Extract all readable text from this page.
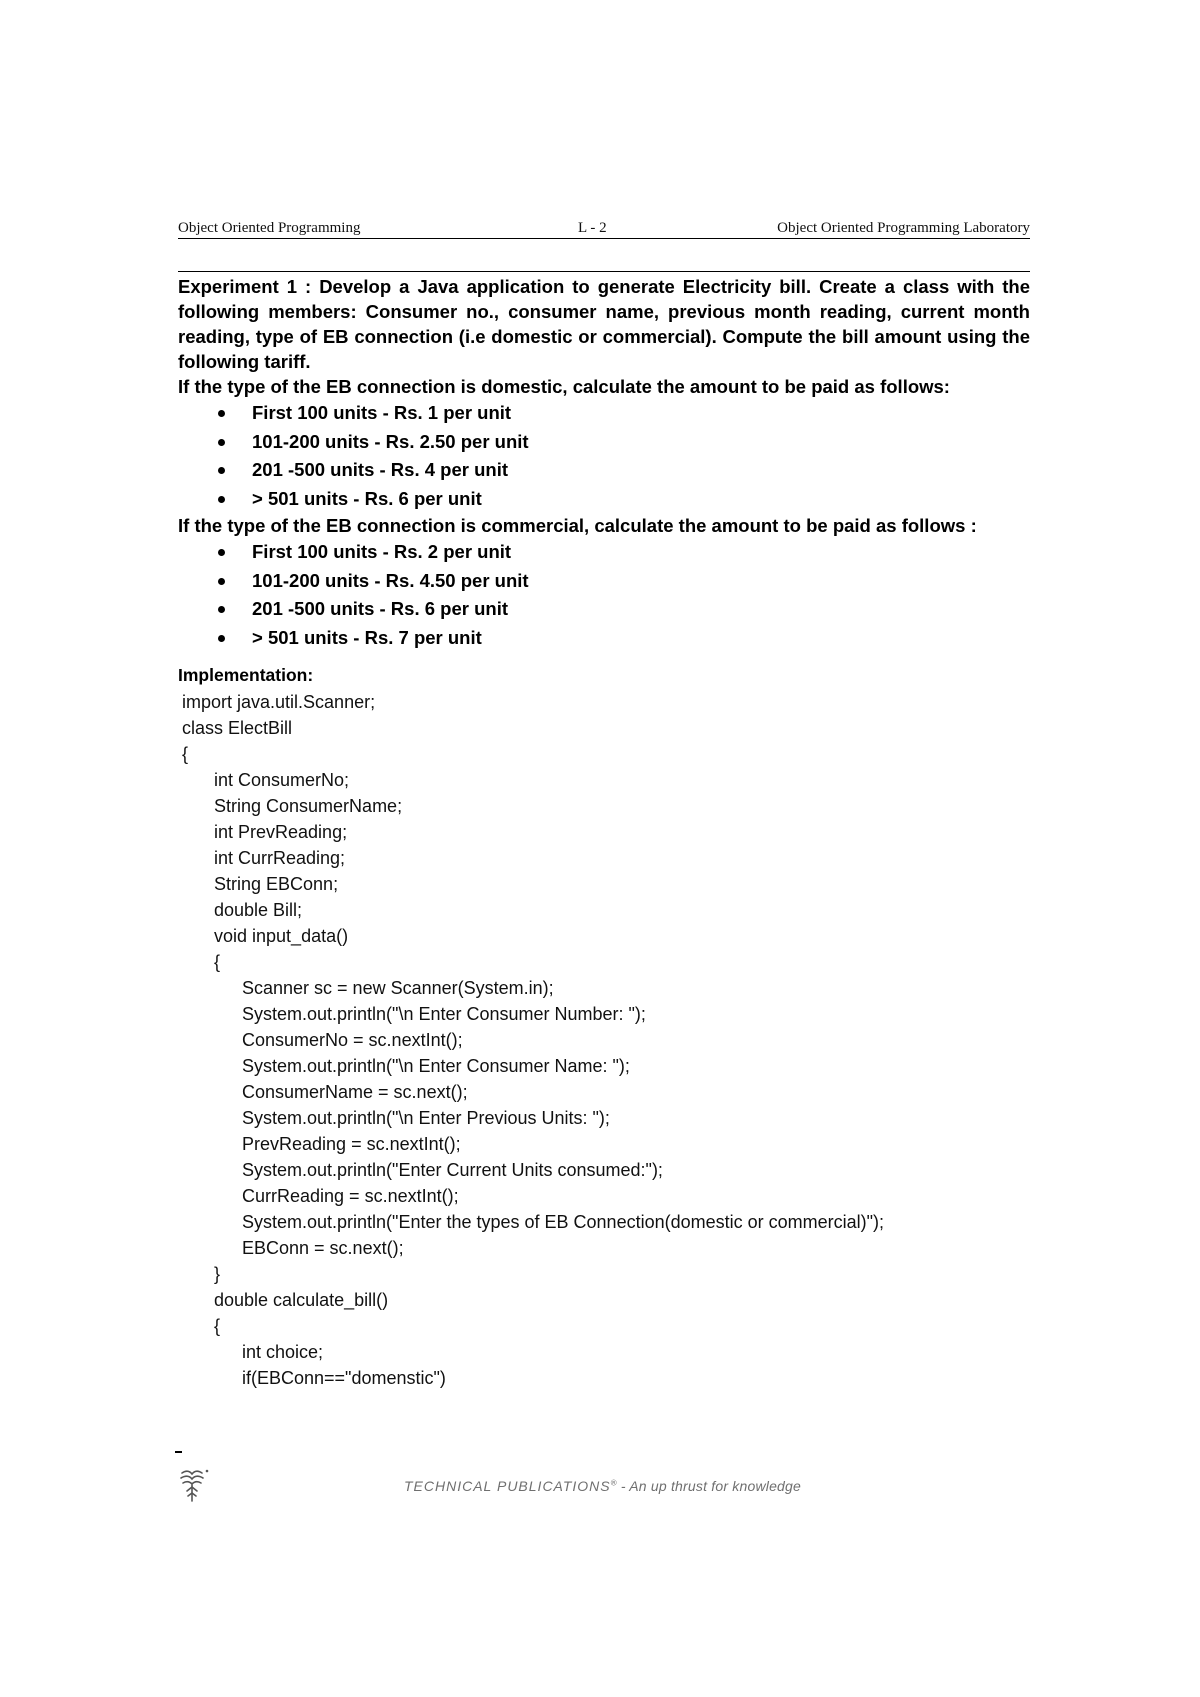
Object Oriented Programming	L - 2	Object Oriented Programming Laboratory

Experiment 1 : Develop a Java application to generate Electricity bill. Create a class with the following members: Consumer no., consumer name, previous month reading, current month reading, type of EB connection (i.e domestic or commercial). Compute the bill amount using the following tariff.

If the type of the EB connection is domestic, calculate the amount to be paid as follows:

First 100 units - Rs. 1 per unit
101-200 units - Rs. 2.50 per unit
201 -500 units - Rs. 4 per unit
> 501 units - Rs. 6 per unit

If the type of the EB connection is commercial, calculate the amount to be paid as follows :

First 100 units - Rs. 2 per unit
101-200 units - Rs. 4.50 per unit
201 -500 units - Rs. 6 per unit
> 501 units - Rs. 7 per unit

Implementation:

import java.util.Scanner;
class ElectBill
{
int ConsumerNo;
String ConsumerName;
int PrevReading;
int CurrReading;
String EBConn;
double Bill;
void input_data()
{
Scanner sc = new Scanner(System.in);
System.out.println("\n Enter Consumer Number: ");
ConsumerNo = sc.nextInt();
System.out.println("\n Enter Consumer Name: ");
ConsumerName = sc.next();
System.out.println("\n Enter Previous Units: ");
PrevReading = sc.nextInt();
System.out.println("Enter Current Units consumed:");
CurrReading = sc.nextInt();
System.out.println("Enter the types of EB Connection(domestic or commercial)");
EBConn = sc.next();
}
double calculate_bill()
{
int choice;
if(EBConn=="domenstic")
TECHNICAL PUBLICATIONS® - An up thrust for knowledge
